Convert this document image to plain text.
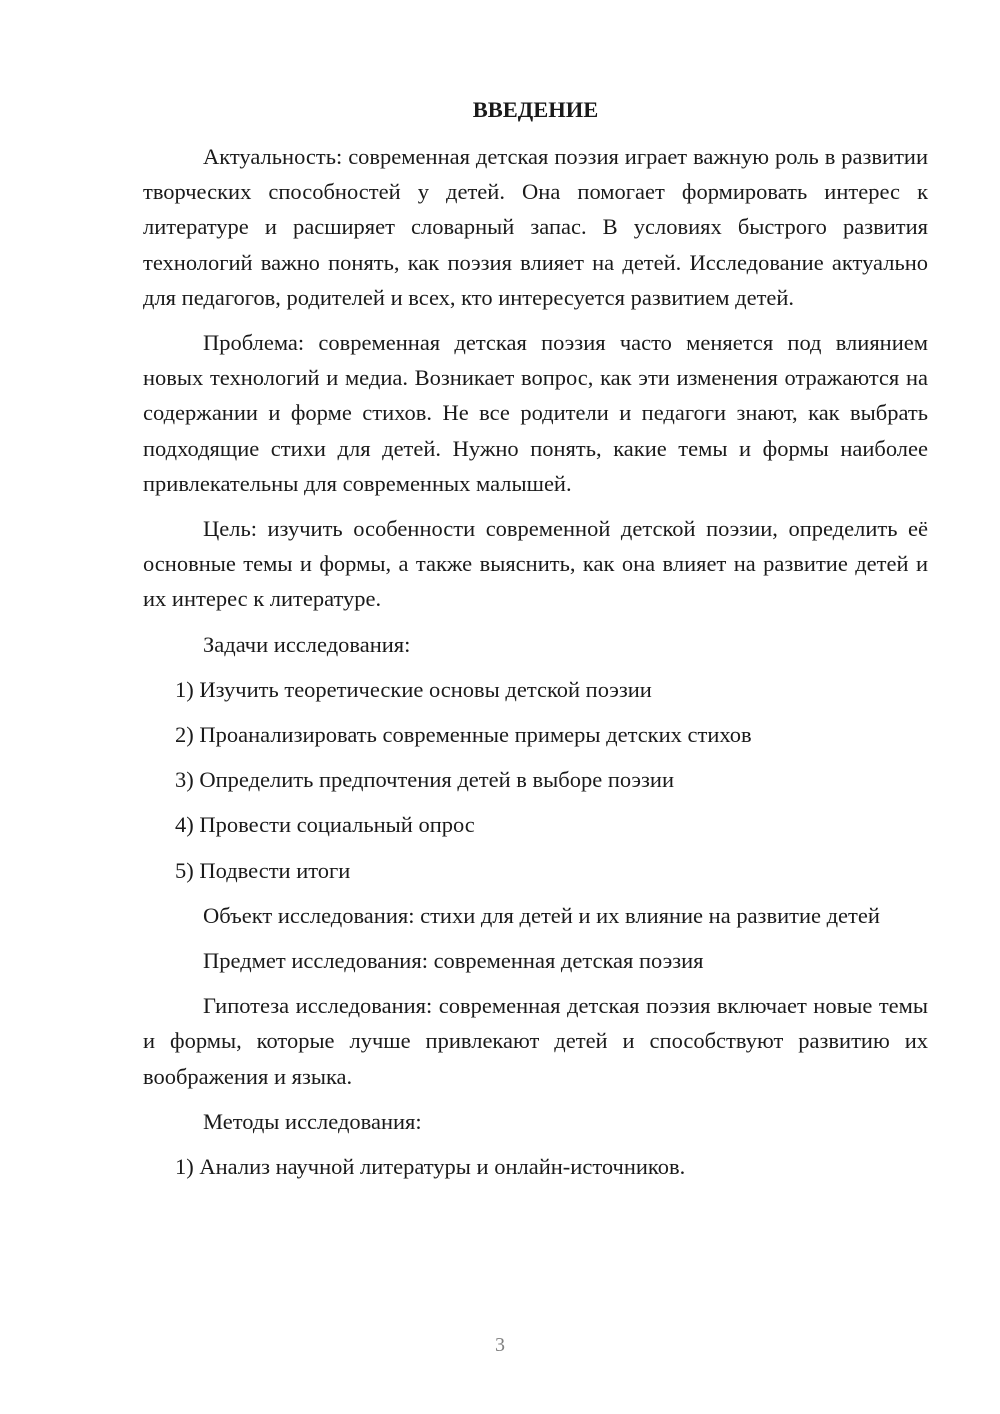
ВВЕДЕНИЕ

Актуальность: современная детская поэзия играет важную роль в развитии творческих способностей у детей. Она помогает формировать интерес к литературе и расширяет словарный запас. В условиях быстрого развития технологий важно понять, как поэзия влияет на детей. Исследование актуально для педагогов, родителей и всех, кто интересуется развитием детей.

Проблема: современная детская поэзия часто меняется под влиянием новых технологий и медиа. Возникает вопрос, как эти изменения отражаются на содержании и форме стихов. Не все родители и педагоги знают, как выбрать подходящие стихи для детей. Нужно понять, какие темы и формы наиболее привлекательны для современных малышей.

Цель: изучить особенности современной детской поэзии, определить её основные темы и формы, а также выяснить, как она влияет на развитие детей и их интерес к литературе.

Задачи исследования:

1) Изучить теоретические основы детской поэзии

2) Проанализировать современные примеры детских стихов

3) Определить предпочтения детей в выборе поэзии

4) Провести социальный опрос

5) Подвести итоги

Объект исследования: стихи для детей и их влияние на развитие детей

Предмет исследования: современная детская поэзия

Гипотеза исследования: современная детская поэзия включает новые темы и формы, которые лучше привлекают детей и способствуют развитию их воображения и языка.

Методы исследования:

1) Анализ научной литературы и онлайн-источников.

3
